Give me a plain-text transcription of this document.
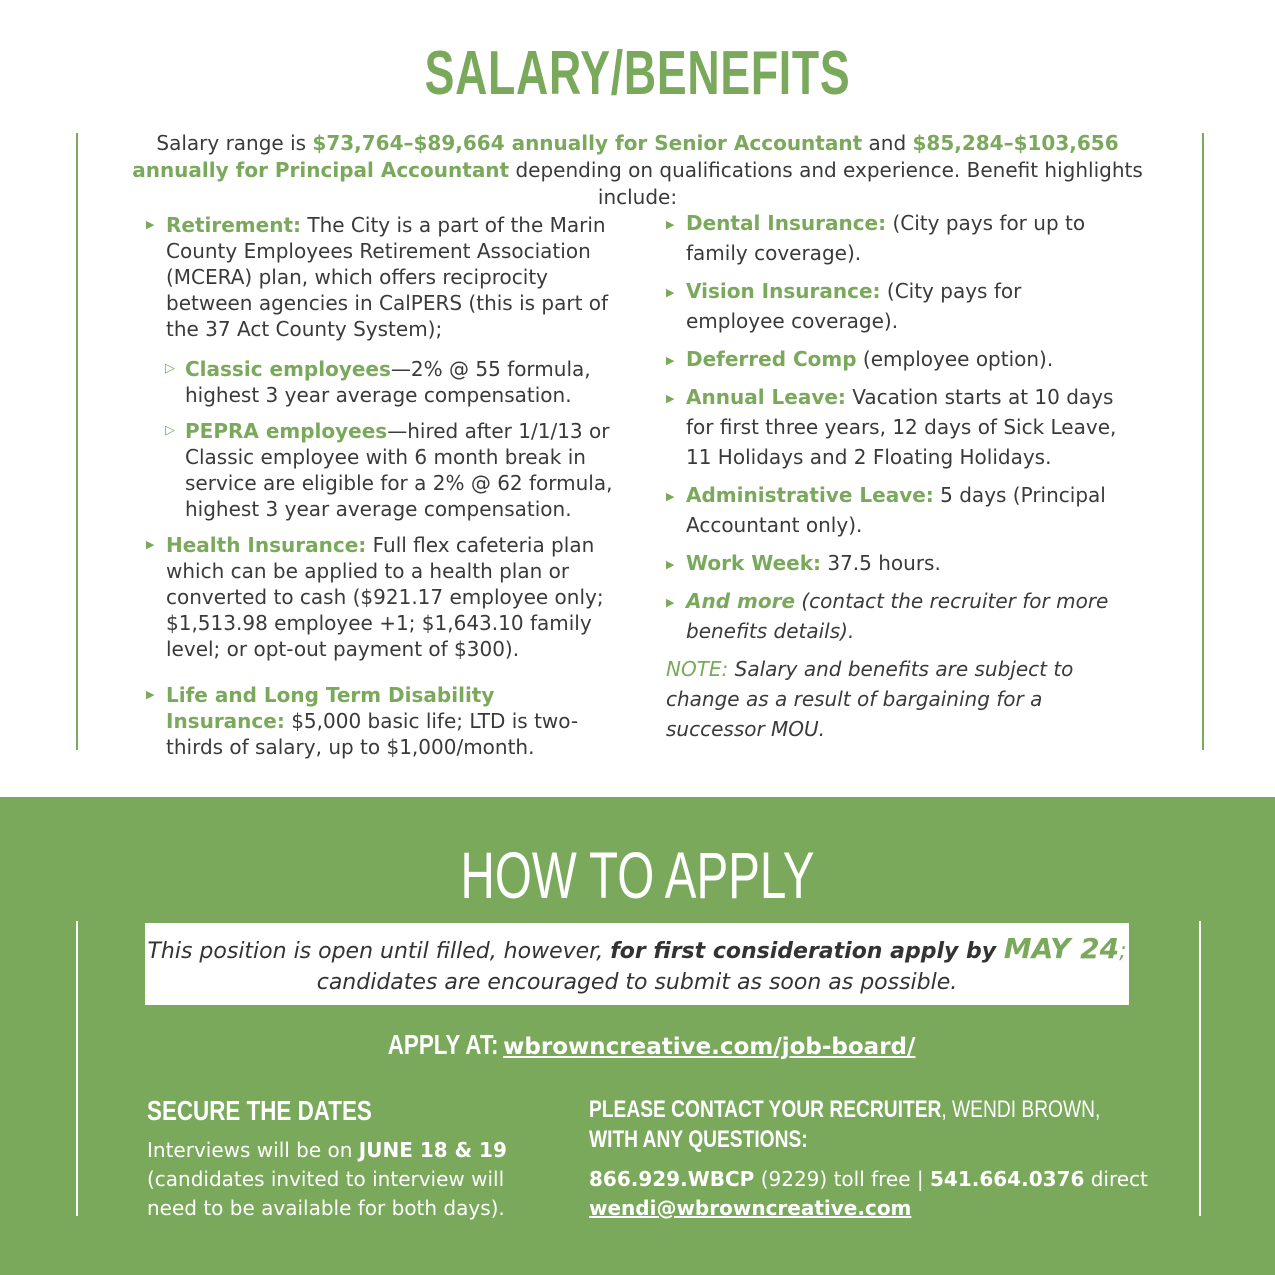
SALARY/BENEFITS
Salary range is $73,764–$89,664 annually for Senior Accountant and $85,284–$103,656 annually for Principal Accountant depending on qualifications and experience. Benefit highlights include:
▶ Retirement: The City is a part of the Marin County Employees Retirement Association (MCERA) plan, which offers reciprocity between agencies in CalPERS (this is part of the 37 Act County System);
▷ Classic employees—2% @ 55 formula, highest 3 year average compensation.
▷ PEPRA employees—hired after 1/1/13 or Classic employee with 6 month break in service are eligible for a 2% @ 62 formula, highest 3 year average compensation.
▶ Health Insurance: Full flex cafeteria plan which can be applied to a health plan or converted to cash ($921.17 employee only; $1,513.98 employee +1; $1,643.10 family level; or opt-out payment of $300).
▶ Life and Long Term Disability Insurance: $5,000 basic life; LTD is two-thirds of salary, up to $1,000/month.
▶ Dental Insurance: (City pays for up to family coverage).
▶ Vision Insurance: (City pays for employee coverage).
▶ Deferred Comp (employee option).
▶ Annual Leave: Vacation starts at 10 days for first three years, 12 days of Sick Leave, 11 Holidays and 2 Floating Holidays.
▶ Administrative Leave: 5 days (Principal Accountant only).
▶ Work Week: 37.5 hours.
▶ And more (contact the recruiter for more benefits details).
NOTE: Salary and benefits are subject to change as a result of bargaining for a successor MOU.
HOW TO APPLY
This position is open until filled, however, for first consideration apply by MAY 24;
candidates are encouraged to submit as soon as possible.
APPLY AT: wbrowncreative.com/job-board/
SECURE THE DATES
Interviews will be on JUNE 18 & 19
(candidates invited to interview will need to be available for both days).
PLEASE CONTACT YOUR RECRUITER, WENDI BROWN,
WITH ANY QUESTIONS:
866.929.WBCP (9229) toll free | 541.664.0376 direct
wendi@wbrowncreative.com
